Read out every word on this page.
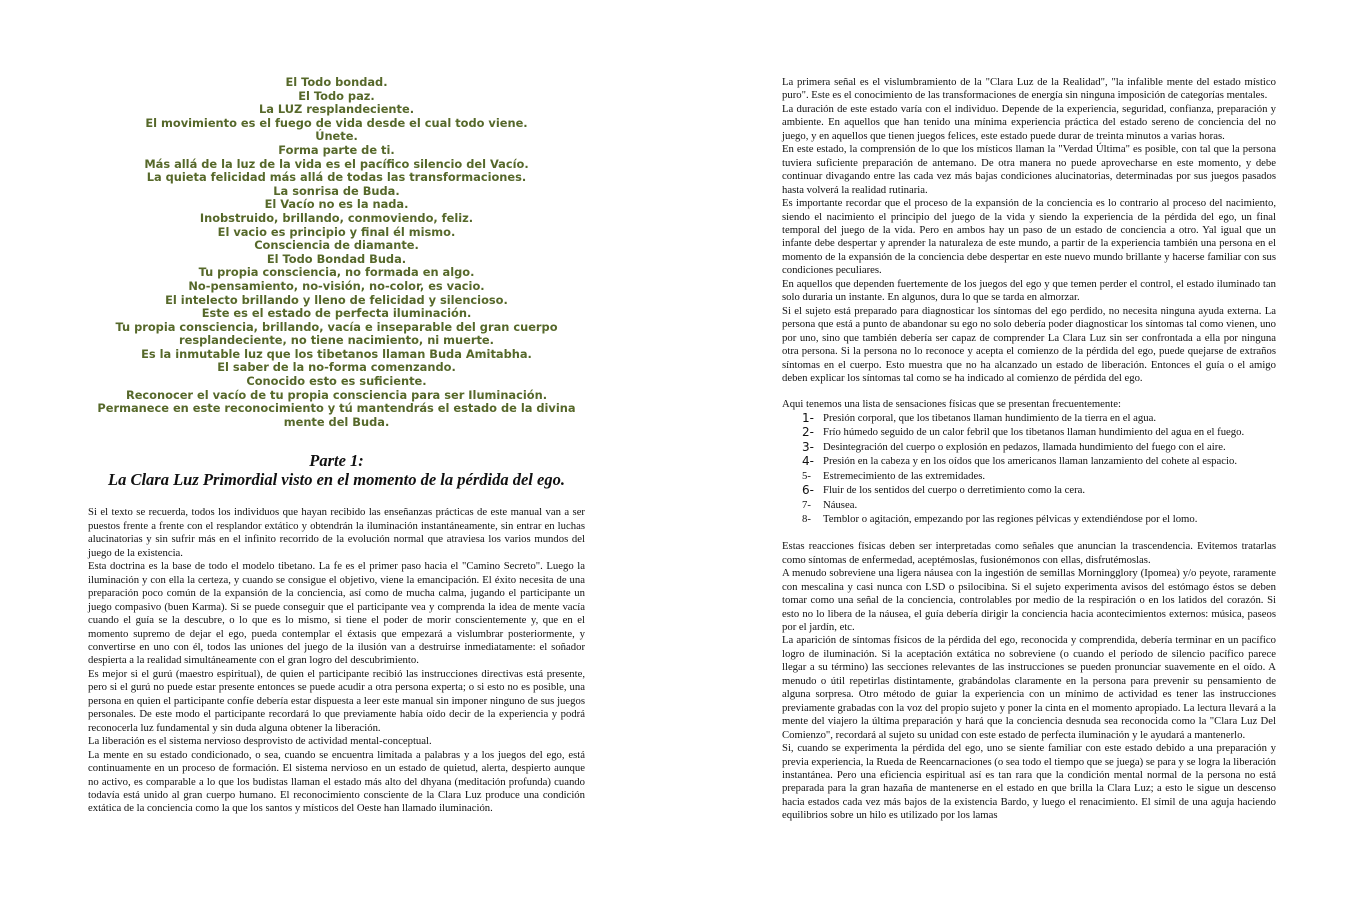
El Todo bondad.
El Todo paz.
La LUZ resplandeciente.
El movimiento es el fuego de vida desde el cual todo viene.
Únete.
Forma parte de ti.
Más allá de la luz de la vida es el pacífico silencio del Vacío.
La quieta felicidad más allá de todas las transformaciones.
La sonrisa de Buda.
El Vacío no es la nada.
Inobstruido, brillando, conmoviendo, feliz.
El vacio es principio y final él mismo.
Consciencia de diamante.
El Todo Bondad Buda.
Tu propia consciencia, no formada en algo.
No-pensamiento, no-visión, no-color, es vacio.
El intelecto brillando y lleno de felicidad y silencioso.
Este es el estado de perfecta iluminación.
Tu propia consciencia, brillando, vacía e inseparable del gran cuerpo resplandeciente, no tiene nacimiento, ni muerte.
Es la inmutable luz que los tibetanos llaman Buda Amitabha.
El saber de la no-forma comenzando.
Conocido esto es suficiente.
Reconocer el vacío de tu propia consciencia para ser Iluminación.
Permanece en este reconocimiento y tú mantendrás el estado de la divina mente del Buda.
Parte 1:
La Clara Luz Primordial visto en el momento de la pérdida del ego.

Si el texto se recuerda, todos los individuos que hayan recibido las enseñanzas prácticas de este manual van a ser puestos frente a frente con el resplandor extático y obtendrán la iluminación instantáneamente, sin entrar en luchas alucinatorias y sin sufrir más en el infinito recorrido de la evolución normal que atraviesa los varios mundos del juego de la existencia.

Esta doctrina es la base de todo el modelo tibetano. La fe es el primer paso hacia el "Camino Secreto". Luego la iluminación y con ella la certeza, y cuando se consigue el objetivo, viene la emancipación. El éxito necesita de una preparación poco común de la expansión de la conciencia, así como de mucha calma, jugando el participante un juego compasivo (buen Karma). Si se puede conseguir que el participante vea y comprenda la idea de mente vacía cuando el guía se la descubre, o lo que es lo mismo, si tiene el poder de morir conscientemente y, que en el momento supremo de dejar el ego, pueda contemplar el éxtasis que empezará a vislumbrar posteriormente, y convertirse en uno con él, todos las uniones del juego de la ilusión van a destruirse inmediatamente: el soñador despierta a la realidad simultáneamente con el gran logro del descubrimiento.

Es mejor si el gurú (maestro espiritual), de quien el participante recibió las instrucciones directivas está presente, pero si el gurú no puede estar presente entonces se puede acudir a otra persona experta; o si esto no es posible, una persona en quien el participante confíe debería estar dispuesta a leer este manual sin imponer ninguno de sus juegos personales. De este modo el participante recordará lo que previamente había oído decir de la experiencia y podrá reconocerla luz fundamental y sin duda alguna obtener la liberación.

La liberación es el sistema nervioso desprovisto de actividad mental-conceptual.

La mente en su estado condicionado, o sea, cuando se encuentra limitada a palabras y a los juegos del ego, está continuamente en un proceso de formación. El sistema nervioso en un estado de quietud, alerta, despierto aunque no activo, es comparable a lo que los budistas llaman el estado más alto del dhyana (meditación profunda) cuando todavía está unido al gran cuerpo humano. El reconocimiento consciente de la Clara Luz produce una condición extática de la conciencia como la que los santos y místicos del Oeste han llamado iluminación.

La primera señal es el vislumbramiento de la "Clara Luz de la Realidad", "la infalible mente del estado místico puro". Este es el conocimiento de las transformaciones de energía sin ninguna imposición de categorías mentales.

La duración de este estado varía con el individuo. Depende de la experiencia, seguridad, confianza, preparación y ambiente. En aquellos que han tenido una mínima experiencia práctica del estado sereno de conciencia del no juego, y en aquellos que tienen juegos felices, este estado puede durar de treinta minutos a varias horas.

En este estado, la comprensión de lo que los místicos llaman la "Verdad Última" es posible, con tal que la persona tuviera suficiente preparación de antemano. De otra manera no puede aprovecharse en este momento, y debe continuar divagando entre las cada vez más bajas condiciones alucinatorias, determinadas por sus juegos pasados hasta volverá la realidad rutinaria.

Es importante recordar que el proceso de la expansión de la conciencia es lo contrario al proceso del nacimiento, siendo el nacimiento el principio del juego de la vida y siendo la experiencia de la pérdida del ego, un final temporal del juego de la vida. Pero en ambos hay un paso de un estado de conciencia a otro. Yal igual que un infante debe despertar y aprender la naturaleza de este mundo, a partir de la experiencia también una persona en el momento de la expansión de la conciencia debe despertar en este nuevo mundo brillante y hacerse familiar con sus condiciones peculiares.

En aquellos que dependen fuertemente de los juegos del ego y que temen perder el control, el estado iluminado tan solo duraria un instante. En algunos, dura lo que se tarda en almorzar.

Si el sujeto está preparado para diagnosticar los síntomas del ego perdido, no necesita ninguna ayuda externa. La persona que está a punto de abandonar su ego no solo debería poder diagnosticar los síntomas tal como vienen, uno por uno, sino que también debería ser capaz de comprender La Clara Luz sin ser confrontada a ella por ninguna otra persona. Si la persona no lo reconoce y acepta el comienzo de la pérdida del ego, puede quejarse de extraños síntomas en el cuerpo. Esto muestra que no ha alcanzado un estado de liberación. Entonces el guía o el amigo deben explicar los síntomas tal como se ha indicado al comienzo de pérdida del ego.

Aqui tenemos una lista de sensaciones físicas que se presentan frecuentemente:

1- Presión corporal, que los tibetanos llaman hundimiento de la tierra en el agua.
2- Frío húmedo seguido de un calor febril que los tibetanos llaman hundimiento del agua en el fuego.
3- Desintegración del cuerpo o explosión en pedazos, llamada hundimiento del fuego con el aire.
4- Presión en la cabeza y en los oídos que los americanos llaman lanzamiento del cohete al espacio.
5- Estremecimiento de las extremidades.
6- Fluir de los sentidos del cuerpo o derretimiento como la cera.
7- Náusea.
8- Temblor o agitación, empezando por las regiones pélvicas y extendiéndose por el lomo.

Estas reacciones físicas deben ser interpretadas como señales que anuncian la trascendencia. Evitemos tratarlas como síntomas de enfermedad, aceptémoslas, fusionémonos con ellas, disfrutémoslas.

A menudo sobreviene una ligera náusea con la ingestión de semillas Morningglory (Ipomea) y/o peyote, raramente con mescalina y casi nunca con LSD o psilocibina. Si el sujeto experimenta avisos del estómago éstos se deben tomar como una señal de la conciencia, controlables por medio de la respiración o en los latidos del corazón. Si esto no lo libera de la náusea, el guía debería dirigir la conciencia hacia acontecimientos externos: música, paseos por el jardín, etc.

La aparición de síntomas físicos de la pérdida del ego, reconocida y comprendida, debería terminar en un pacífico logro de iluminación. Si la aceptación extática no sobreviene (o cuando el período de silencio pacífico parece llegar a su término) las secciones relevantes de las instrucciones se pueden pronunciar suavemente en el oído. A menudo o útil repetirlas distintamente, grabándolas claramente en la persona para prevenir su pensamiento de alguna sorpresa. Otro método de guiar la experiencia con un mínimo de actividad es tener las instrucciones previamente grabadas con la voz del propio sujeto y poner la cinta en el momento apropiado. La lectura llevará a la mente del viajero la última preparación y hará que la conciencia desnuda sea reconocida como la "Clara Luz Del Comienzo", recordará al sujeto su unidad con este estado de perfecta iluminación y le ayudará a mantenerlo.

Si, cuando se experimenta la pérdida del ego, uno se siente familiar con este estado debido a una preparación y previa experiencia, la Rueda de Reencarnaciones (o sea todo el tiempo que se juega) se para y se logra la liberación instantánea. Pero una eficiencia espiritual así es tan rara que la condición mental normal de la persona no está preparada para la gran hazaña de mantenerse en el estado en que brilla la Clara Luz; a esto le sigue un descenso hacia estados cada vez más bajos de la existencia Bardo, y luego el renacimiento. El símil de una aguja haciendo equilibrios sobre un hilo es utilizado por los lamas
